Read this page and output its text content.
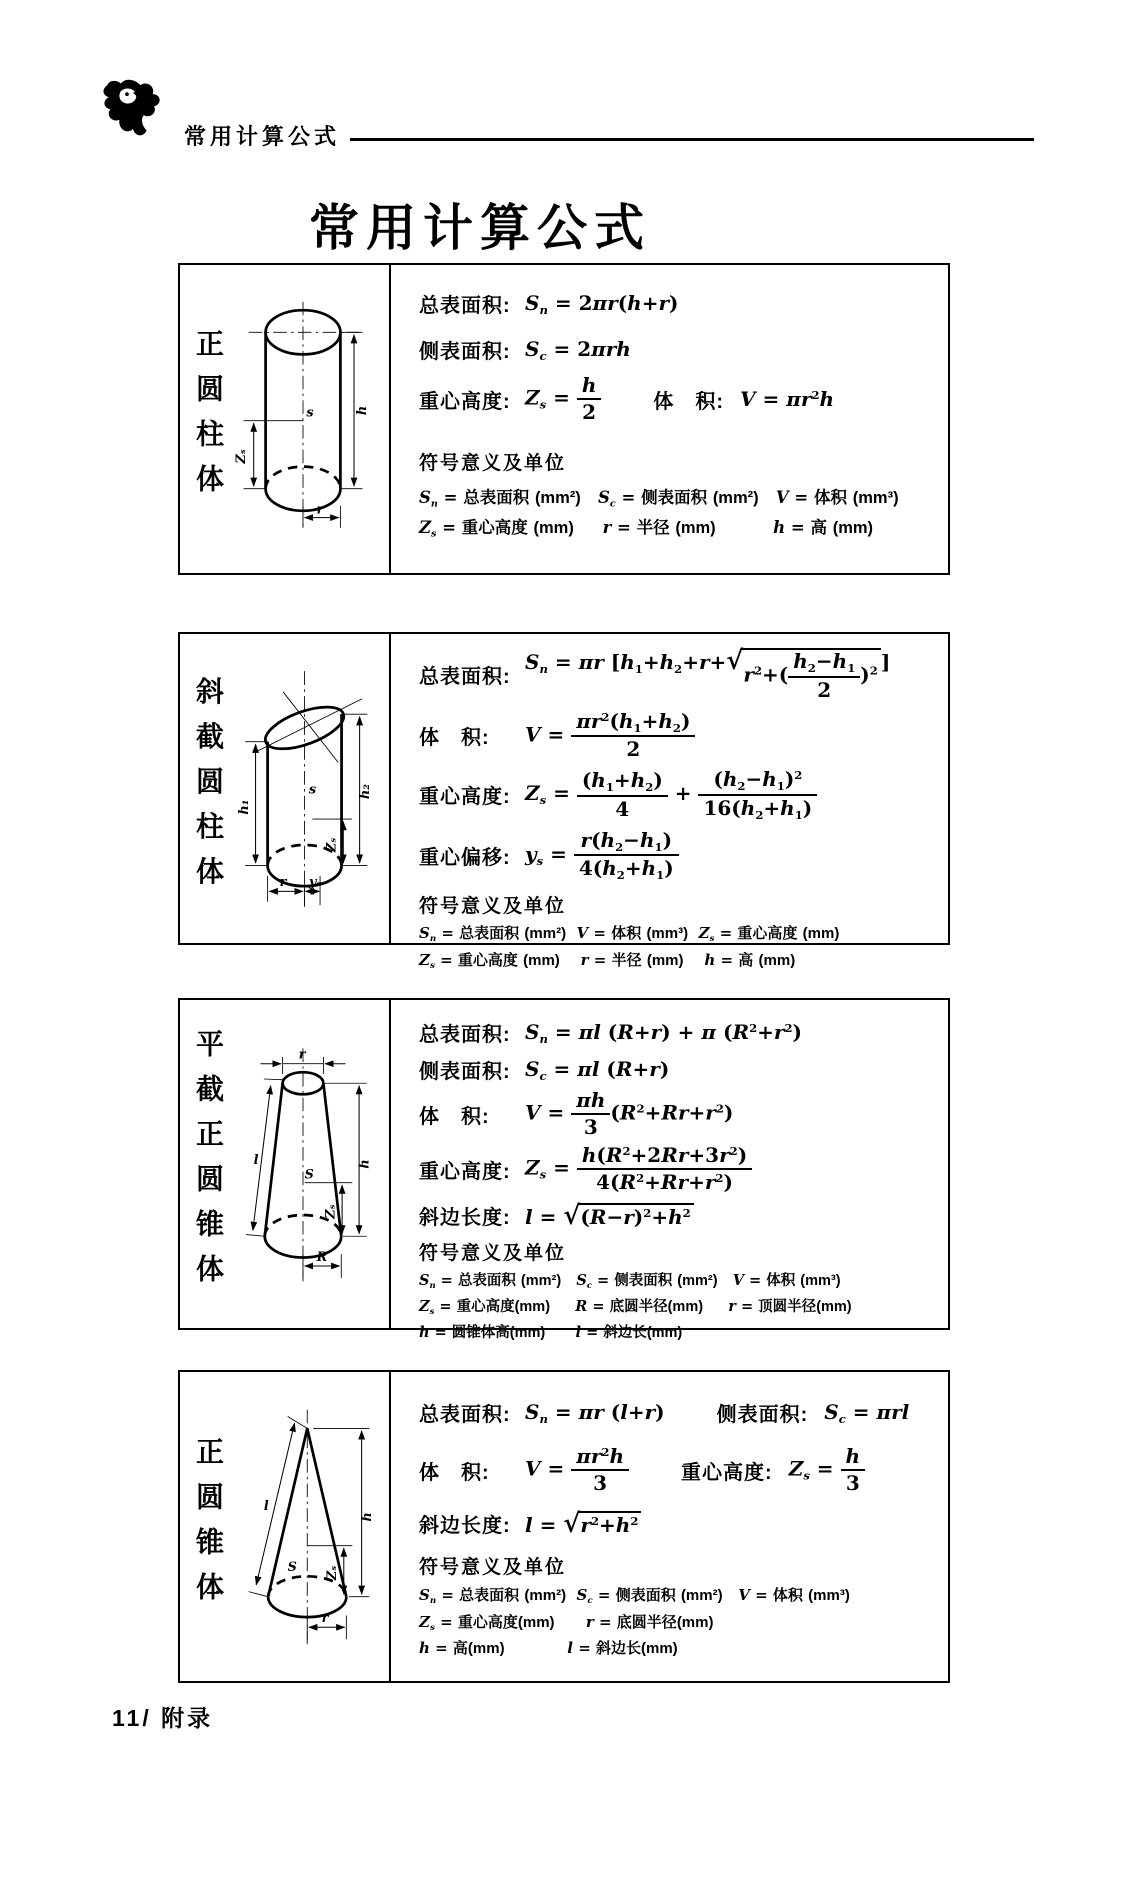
常用计算公式
常用计算公式
正圆柱体	s	h
Zₛ
r
总表面积: $S_n = 2\pi r(h+r)$
侧表面积: $S_c = 2\pi rh$
重心高度: $Z_s = \frac{h}{2}$	体　积: $V = \pi r^2h$
符号意义及单位
$S_n$ = 总表面积 (mm²) $S_c$ = 侧表面积 (mm²) V = 体积 (mm³)
$Z_s$ = 重心高度 (mm) r = 半径 (mm)	h = 高 (mm)
斜截圆柱体	s
h₁
h₂
Zₛ
r yₛ
总表面积:
$S_n = \pi r$ [$h_1+h_2+r+$ √ $r^2+( \frac{h_2-h_1}{2} )^2$ ]
体　积:	$V = \frac{\pi r^2(h_1+h_2)}{2}$
重心高度: $Z_s = \frac{(h_1+h_2)}{4} + \frac{(h_2-h_1)^2}{16(h_2+h_1)}$
重心偏移: $y_s = \frac{r(h_2-h_1)}{4(h_2+h_1)}$
符号意义及单位
$S_n$ = 总表面积 (mm²) V = 体积 (mm³) $Z_s$ = 重心高度 (mm)
$Z_s$ = 重心高度 (mm) r = 半径 (mm) h = 高 (mm)
平截正圆锥体	r
l
S
h
Zₛ
R
总表面积: $S_n = \pi l$ (R+r) + π $(R^2+r^2)$
侧表面积: $S_c = \pi l$ (R+r)
体　积:	$V = \frac{\pi h}{3} (R^2+Rr+r^2)$
重心高度: $Z_s = \frac{h(R^2+2Rr+3r^2)}{4(R^2+Rr+r^2)}$
斜边长度: l = √ $(R-r)^2+h^2$
符号意义及单位
$S_n$ = 总表面积 (mm²) $S_c$ = 侧表面积 (mm²) V = 体积 (mm³)
$Z_s$ = 重心高度(mm) R = 底圆半径(mm) r = 顶圆半径(mm)
h = 圆锥体高(mm) l = 斜边长(mm)
正圆锥体	l
S
h
Zₛ
r
总表面积: $S_n = \pi r$ (l+r)	侧表面积: $S_c = \pi rl$
体　积:	$V = \frac{\pi r^2h}{3}$	重心高度: $Z_s = \frac{h}{3}$
斜边长度: l = √ $r^2+h^2$
符号意义及单位
$S_n$ = 总表面积 (mm²) $S_c$ = 侧表面积 (mm²) V = 体积 (mm³)
$Z_s$ = 重心高度(mm) r = 底圆半径(mm)
h = 高(mm)	l = 斜边长(mm)
11/ 附录
